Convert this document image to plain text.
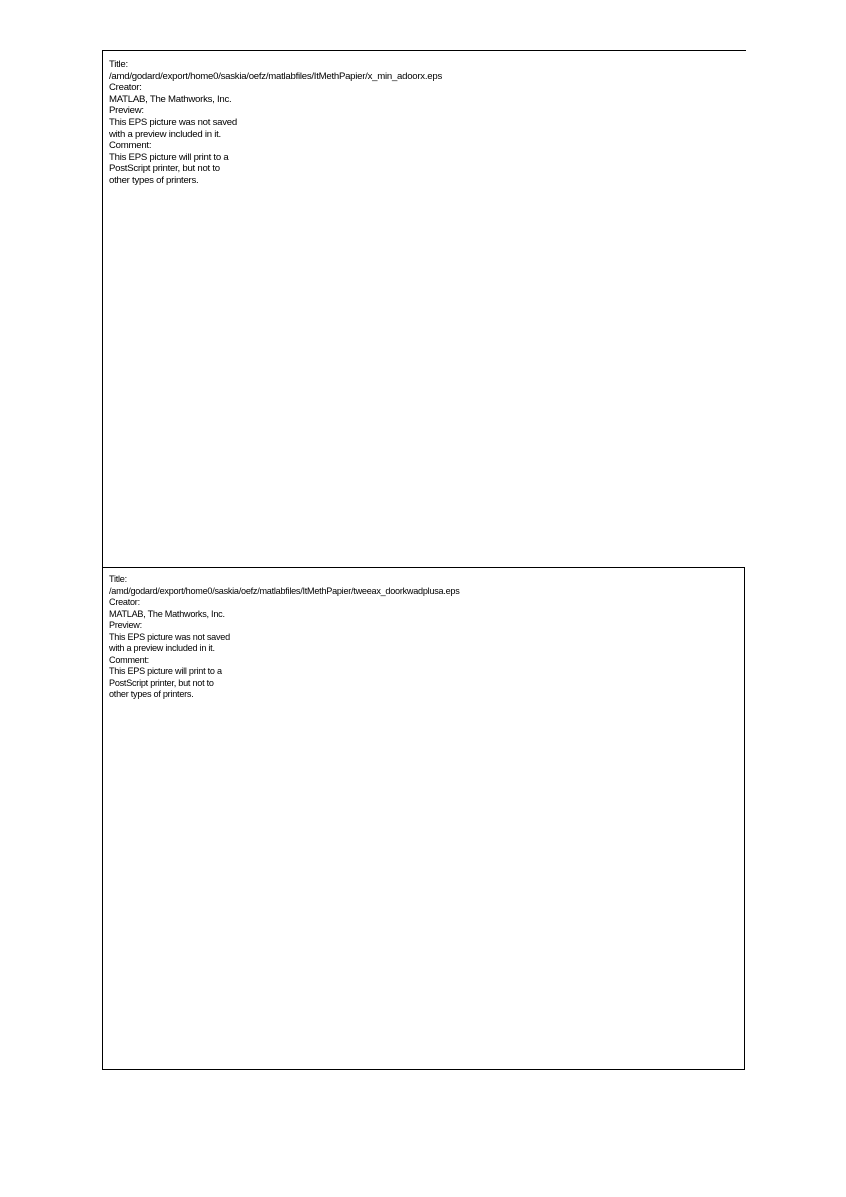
Title:
/amd/godard/export/home0/saskia/oefz/matlabfiles/ItMethPapier/x_min_adoorx.eps
Creator:
MATLAB, The Mathworks, Inc.
Preview:
This EPS picture was not saved
with a preview included in it.
Comment:
This EPS picture will print to a
PostScript printer, but not to
other types of printers.
Title:
/amd/godard/export/home0/saskia/oefz/matlabfiles/ItMethPapier/tweeax_doorkwadplusa.eps
Creator:
MATLAB, The Mathworks, Inc.
Preview:
This EPS picture was not saved
with a preview included in it.
Comment:
This EPS picture will print to a
PostScript printer, but not to
other types of printers.
